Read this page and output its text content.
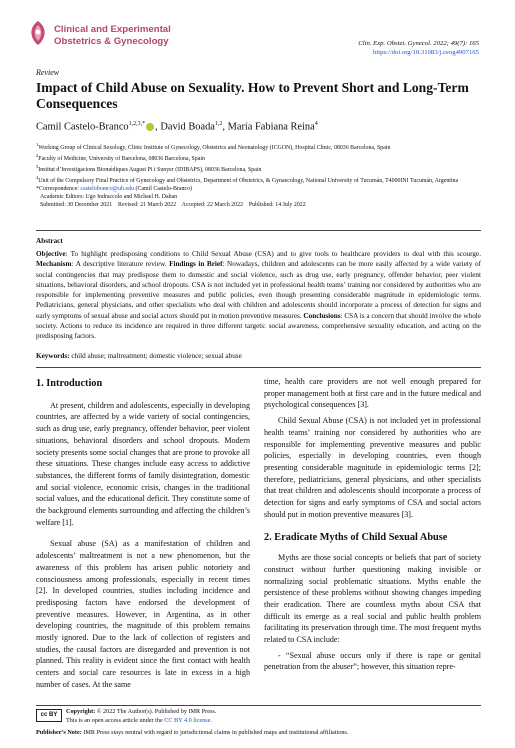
Clinical and Experimental
Obstetrics & Gynecology	Clin. Exp. Obstet. Gynecol. 2022; 49(7): 165
https://doi.org/10.31083/j.ceog4907165
Review
Impact of Child Abuse on Sexuality. How to Prevent Short and Long-Term Consequences
Camil Castelo-Branco$^{1,2,3,*}$ , David Boada$^{1,2}$, María Fabiana Reina$^4$
$^1$Working Group of Clinical Sexology, Clinic Institute of Gynecology, Obstetrics and Neonatology (ICGON), Hospital Clinic, 08036 Barcelona, Spain
$^2$Faculty of Medicine, University of Barcelona, 08036 Barcelona, Spain
$^3$Institut d’Investigacions Biomèdiques August Pi i Sunyer (IDIBAPS), 08036 Barcelona, Spain
$^4$Unit of the Compulsory Final Practice of Gynecology and Obstetrics, Department of Obstetrics, & Gynaecology, National University of Tucumán, T4000INI Tucumán, Argentina
*Correspondence: castelobranco@ub.edu (Camil Castelo-Branco)
Academic Editors: Ugo Indraccolo and Michael H. Dahan
Submitted: 30 December 2021    Revised: 21 March 2022    Accepted: 22 March 2022    Published: 14 July 2022
Abstract
Objective: To highlight predisposing conditions to Child Sexual Abuse (CSA) and to give tools to healthcare providers to deal with this scourge. Mechanism: A descriptive literature review. Findings in Brief: Nowadays, children and adolescents can be more easily affected by a wide variety of social contingencies that may predispose them to domestic and social violence, such as drug use, early pregnancy, offender behavior, peer violent situations, behavioral disorders, and school dropouts. CSA is not included yet in professional health teams’ training nor considered by authorities who are responsible for implementing preventive measures and public policies, even though presenting considerable magnitude in epidemiologic terms. Pediatricians, general physicians, and other specialists who deal with children and adolescents should incorporate a process of detection for signs and early symptoms of sexual abuse and social actors should put in motion preventive measures. Conclusions: CSA is a concern that should involve the whole society. Actions to reduce its incidence are required in three different targets: social awareness, comprehensive sexuality education, and acting on the predisposing factors.
Keywords: child abuse; maltreatment; domestic violence; sexual abuse
1. Introduction

At present, children and adolescents, especially in developing countries, are affected by a wide variety of social contingencies, such as drug use, early pregnancy, offender behavior, peer violent situations, behavioral disorders and school dropouts. Modern society presents some social changes that are prone to provoke all these situations. These changes include easy access to addictive substances, the different forms of family disintegration, domestic and social violence, economic crisis, changes in the traditional social values, and the educational deficit. They constitute some of the background elements surrounding and affecting the children’s welfare [1].

Sexual abuse (SA) as a manifestation of children and adolescents’ maltreatment is not a new phenomenon, but the awareness of this problem has arisen public notoriety and consciousness among professionals, especially in recent times [2]. In developed countries, studies including incidence and predisposing factors have endorsed the development of preventive measures. However, in Argentina, as in other developing countries, the magnitude of this problem remains mostly ignored. Due to the lack of collection of registers and studies, the causal factors are disregarded and prevention is not planned. This reality is evident since the first contact with health centers and social care resources is late in excess in a high number of cases. At the same

time, health care providers are not well enough prepared for proper management both at first care and in the future medical and psychological consequences [3].

Child Sexual Abuse (CSA) is not included yet in professional health teams’ training nor considered by authorities who are responsible for implementing preventive measures and public policies, especially in developing countries, even though presenting considerable magnitude in epidemiologic terms [2]; therefore, pediatricians, general physicians, and other specialists that treat children and adolescents should incorporate a process of detection for signs and early symptoms of CSA and social actors should put in motion preventive measures [3].

2. Eradicate Myths of Child Sexual Abuse

Myths are those social concepts or beliefs that part of society construct without further questioning making invisible or normalizing social problematic situations. Myths enable the persistence of these problems without showing changes impeding their eradication. There are countless myths about CSA that difficult its emerge as a real social and public health problem facilitating its preservation through time. The most frequent myths related to CSA include:

- “Sexual abuse occurs only if there is rape or genital penetration from the abuser”; however, this situation repre-

cc BY	Copyright: © 2022 The Author(s). Published by IMR Press.
This is an open access article under the CC BY 4.0 license.
Publisher’s Note: IMR Press stays neutral with regard to jurisdictional claims in published maps and institutional affiliations.
